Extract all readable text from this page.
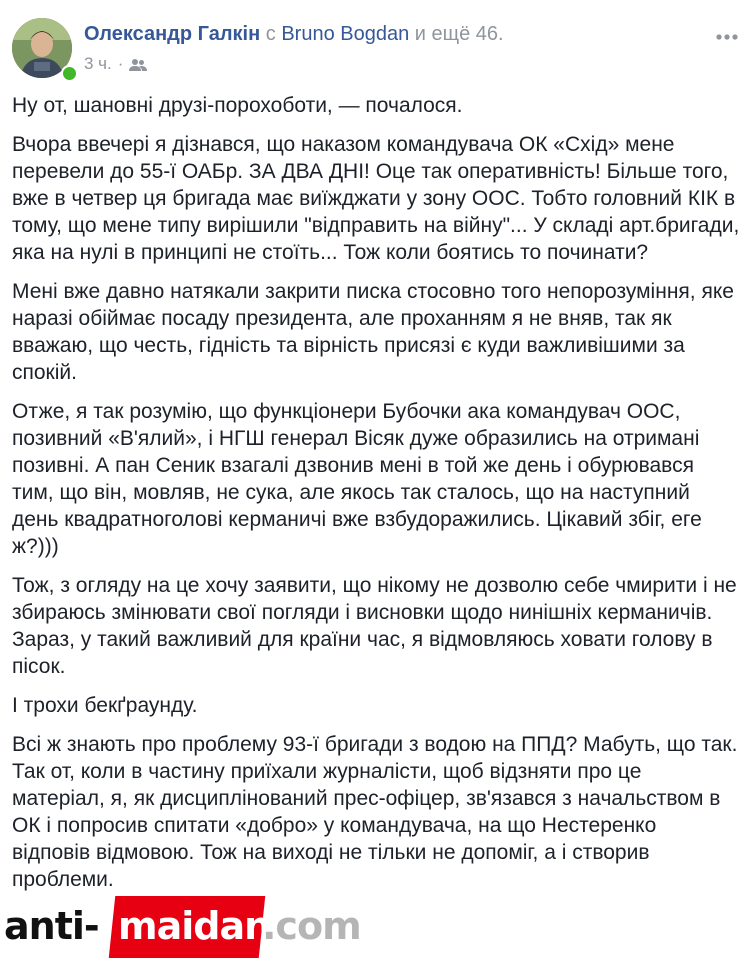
Олександр Галкін с Bruno Bogdan и ещё 46.
3 ч. ·

Ну от, шановні друзі-порохоботи, — почалося.

Вчора ввечері я дізнався, що наказом командувача ОК «Схід» мене перевели до 55-ї ОАБр. ЗА ДВА ДНІ! Оце так оперативність! Більше того, вже в четвер ця бригада має виїжджати у зону ООС. Тобто головний КІК в тому, що мене типу вирішили "відправить на війну"... У складі арт.бригади, яка на нулі в принципі не стоїть... Тож коли боятись то починати?

Мені вже давно натякали закрити писка стосовно того непорозуміння, яке наразі обіймає посаду президента, але проханням я не вняв, так як вважаю, що честь, гідність та вірність присязі є куди важливішими за спокій.

Отже, я так розумію, що функціонери Бубочки ака командувач ООС, позивний «В'ялий», і НГШ генерал Вісяк дуже образились на отримані позивні. А пан Сеник взагалі дзвонив мені в той же день і обурювався тим, що він, мовляв, не сука, але якось так сталось, що на наступний день квадратноголові керманичі вже взбудоражились. Цікавий збіг, еге ж?)))

Тож, з огляду на це хочу заявити, що нікому не дозволю себе чмирити і не збираюсь змінювати свої погляди і висновки щодо нинішніх керманичів. Зараз, у такий важливий для країни час, я відмовляюсь ховати голову в пісок.

І трохи бекґраунду.

Всі ж знають про проблему 93-ї бригади з водою на ППД? Мабуть, що так. Так от, коли в частину приїхали журналісти, щоб відзняти про це матеріал, я, як дисциплінований прес-офіцер, зв'язався з начальством в ОК і попросив спитати «добро» у командувача, на що Нестеренко відповів відмовою. Тож на виході не тільки не допоміг, а і створив проблеми.

anti- maidan
.com
